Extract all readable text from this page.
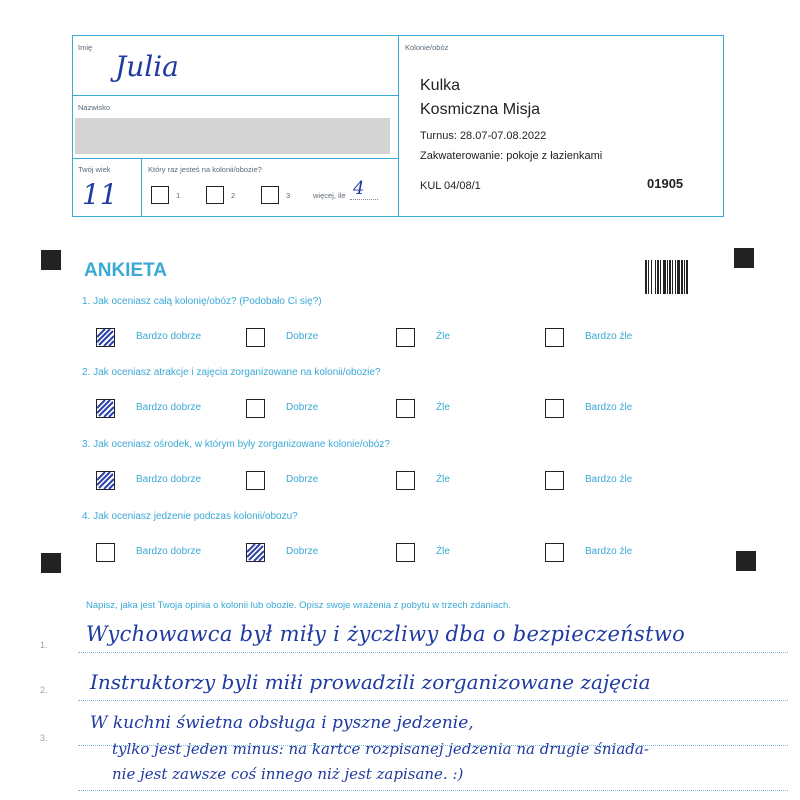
Imię
Julia
Nazwisko
Twój wiek
11
Który raz jesteś na kolonii/obozie?
1	2	3	więcej, ile 4
Kolonie/obóz
Kulka
Kosmiczna Misja
Turnus: 28.07-07.08.2022
Zakwaterowanie: pokoje z łazienkami
KUL 04/08/1	01905
ANKIETA
1. Jak oceniasz całą kolonię/obóz? (Podobało Ci się?)
Bardzo dobrze	Dobrze	Źle	Bardzo źle
2. Jak oceniasz atrakcje i zajęcia zorganizowane na kolonii/obozie?
Bardzo dobrze	Dobrze	Źle	Bardzo źle
3. Jak oceniasz ośrodek, w którym były zorganizowane kolonie/obóz?
Bardzo dobrze	Dobrze	Źle	Bardzo źle
4. Jak oceniasz jedzenie podczas kolonii/obozu?
Bardzo dobrze	Dobrze	Źle	Bardzo źle
Napisz, jaka jest Twoja opinia o kolonii lub obozie. Opisz swoje wrażenia z pobytu w trzech zdaniach.
1.
2.
3.
Wychowawca był miły i życzliwy dba o bezpieczeństwo
Instruktorzy byli miłi prowadzili zorganizowane zajęcia
W kuchni świetna obsługa i pyszne jedzenie,
tylko jest jeden minus: na kartce rozpisanej jedzenia na drugie śniada-
nie jest zawsze coś innego niż jest zapisane. :)
